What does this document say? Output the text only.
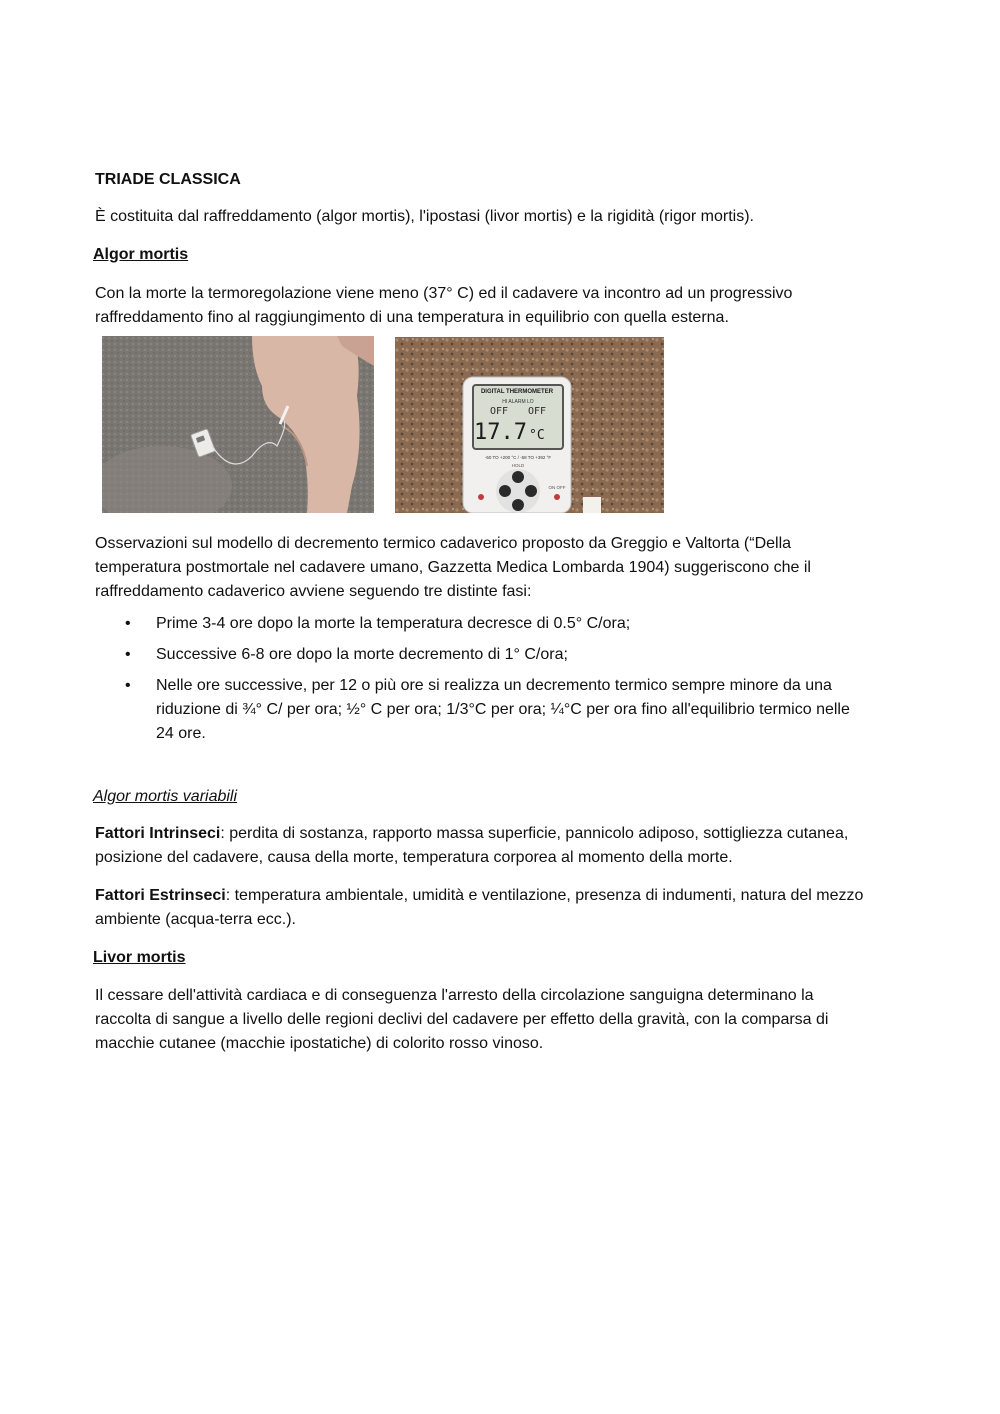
TRIADE CLASSICA

È costituita dal raffreddamento (algor mortis), l'ipostasi (livor mortis) e la rigidità (rigor mortis).

Algor mortis

Con la morte la termoregolazione viene meno (37° C) ed il cadavere va incontro ad un progressivo
raffreddamento fino al raggiungimento di una temperatura in equilibrio con quella esterna.

DIGITAL THERMOMETER
HI ALARM LO
OFF OFF
17.7 °C
-50 TO +200 °C / -58 TO +392 °F
HOLD
ON OFF

Osservazioni sul modello di decremento termico cadaverico proposto da Greggio e Valtorta (“Della
temperatura postmortale nel cadavere umano, Gazzetta Medica Lombarda 1904) suggeriscono che il
raffreddamento cadaverico avviene seguendo tre distinte fasi:

• Prime 3-4 ore dopo la morte la temperatura decresce di 0.5° C/ora;
• Successive 6-8 ore dopo la morte decremento di 1° C/ora;
• Nelle ore successive, per 12 o più ore si realizza un decremento termico sempre minore da una
riduzione di ¾° C/ per ora; ½° C per ora; 1/3°C per ora; ¼°C per ora fino all'equilibrio termico nelle
24 ore.

Algor mortis variabili

Fattori Intrinseci: perdita di sostanza, rapporto massa superficie, pannicolo adiposo, sottigliezza cutanea,
posizione del cadavere, causa della morte, temperatura corporea al momento della morte.

Fattori Estrinseci: temperatura ambientale, umidità e ventilazione, presenza di indumenti, natura del mezzo
ambiente (acqua-terra ecc.).

Livor mortis

Il cessare dell'attività cardiaca e di conseguenza l'arresto della circolazione sanguigna determinano la
raccolta di sangue a livello delle regioni declivi del cadavere per effetto della gravità, con la comparsa di
macchie cutanee (macchie ipostatiche) di colorito rosso vinoso.
